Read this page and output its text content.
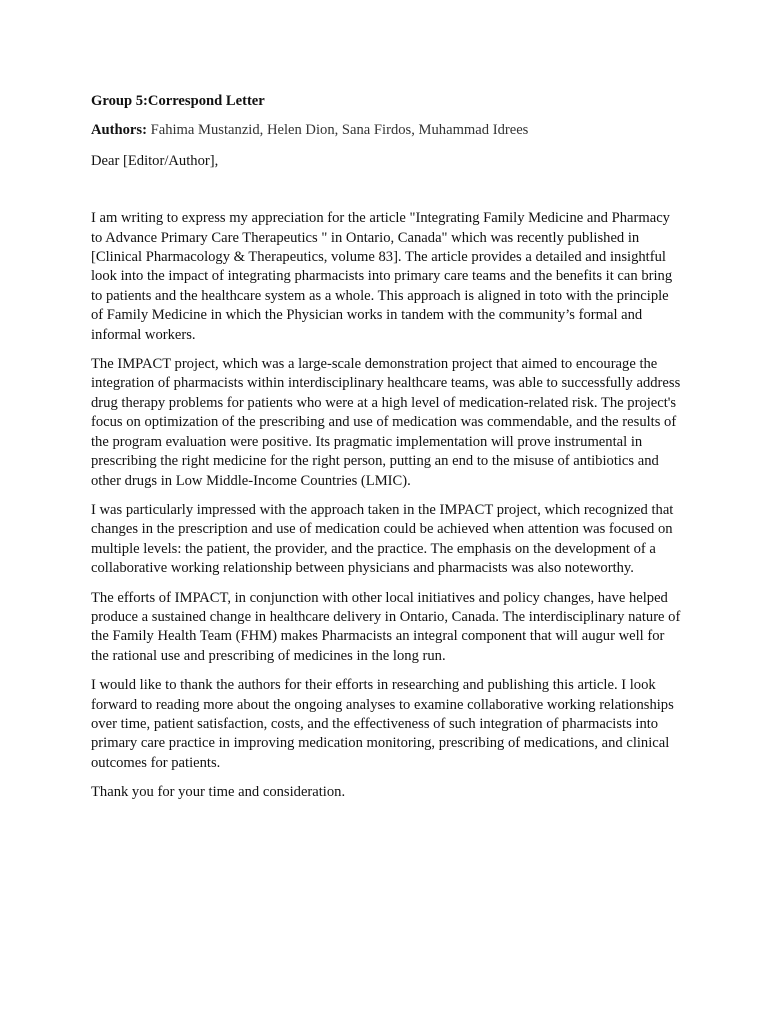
Group 5:Correspond Letter

Authors: Fahima Mustanzid, Helen Dion, Sana Firdos, Muhammad Idrees

Dear [Editor/Author],

I am writing to express my appreciation for the article "Integrating Family Medicine and Pharmacy to Advance Primary Care Therapeutics " in Ontario, Canada" which was recently published in [Clinical Pharmacology & Therapeutics, volume 83]. The article provides a detailed and insightful look into the impact of integrating pharmacists into primary care teams and the benefits it can bring to patients and the healthcare system as a whole. This approach is aligned in toto with the principle of Family Medicine in which the Physician works in tandem with the community’s formal and informal workers.

The IMPACT project, which was a large-scale demonstration project that aimed to encourage the integration of pharmacists within interdisciplinary healthcare teams, was able to successfully address drug therapy problems for patients who were at a high level of medication-related risk. The project's focus on optimization of the prescribing and use of medication was commendable, and the results of the program evaluation were positive. Its pragmatic implementation will prove instrumental in prescribing the right medicine for the right person, putting an end to the misuse of antibiotics and other drugs in Low Middle-Income Countries (LMIC).

I was particularly impressed with the approach taken in the IMPACT project, which recognized that changes in the prescription and use of medication could be achieved when attention was focused on multiple levels: the patient, the provider, and the practice. The emphasis on the development of a collaborative working relationship between physicians and pharmacists was also noteworthy.

The efforts of IMPACT, in conjunction with other local initiatives and policy changes, have helped produce a sustained change in healthcare delivery in Ontario, Canada. The interdisciplinary nature of the Family Health Team (FHM) makes Pharmacists an integral component that will augur well for the rational use and prescribing of medicines in the long run.

I would like to thank the authors for their efforts in researching and publishing this article. I look forward to reading more about the ongoing analyses to examine collaborative working relationships over time, patient satisfaction, costs, and the effectiveness of such integration of pharmacists into primary care practice in improving medication monitoring, prescribing of medications, and clinical outcomes for patients.

Thank you for your time and consideration.
